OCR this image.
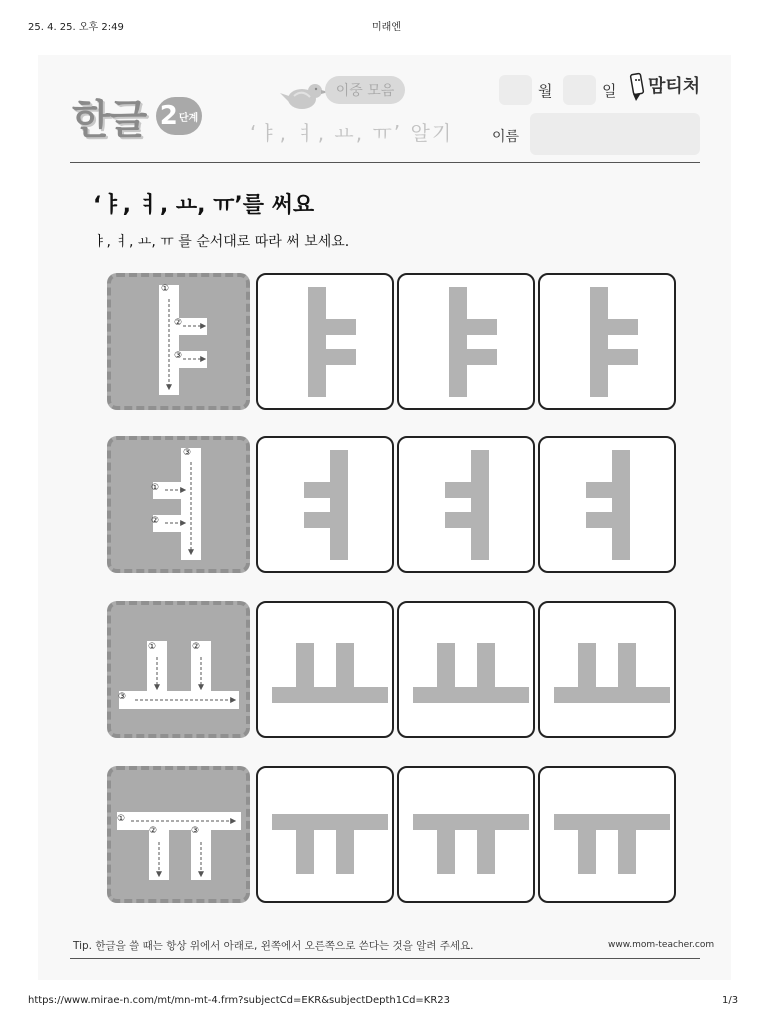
25. 4. 25. 오후 2:49	미래엔
한글 2 단계
이중 모음
‘ㅑ, ㅕ, ㅛ, ㅠ’ 알기
월	일 맘티처
이름
‘ㅑ, ㅕ, ㅛ, ㅠ’를 써요
ㅑ, ㅕ, ㅛ, ㅠ 를 순서대로 따라 써 보세요.
①
②
③
③
①
②
①	②
③
①
②	③
Tip. 한글을 쓸 때는 항상 위에서 아래로, 왼쪽에서 오른쪽으로 쓴다는 것을 알려 주세요.	www.mom-teacher.com
https://www.mirae-n.com/mt/mn-mt-4.frm?subjectCd=EKR&subjectDepth1Cd=KR23	1/3
